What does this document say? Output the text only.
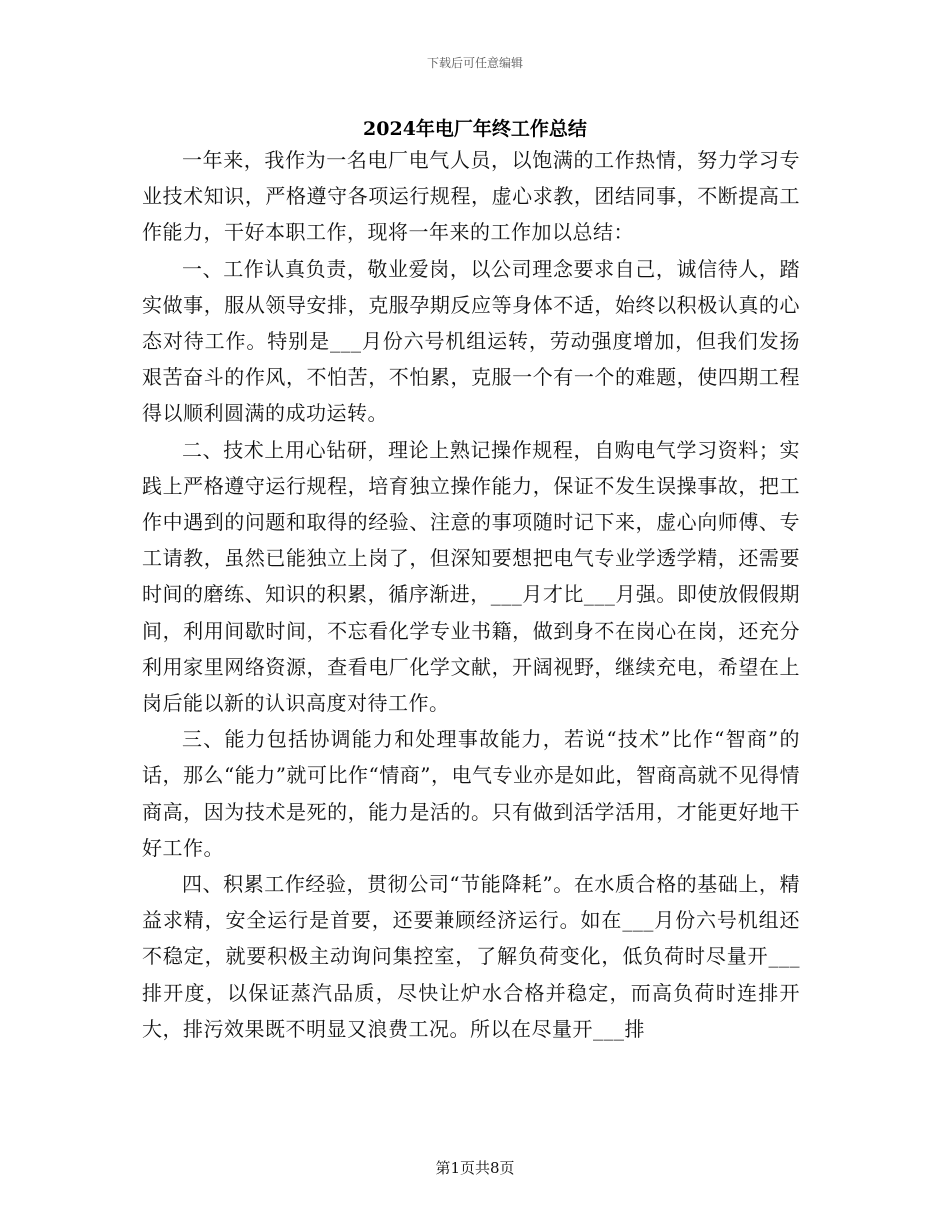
下载后可任意编辑
2024年电厂年终工作总结

一年来，我作为一名电厂电气人员，以饱满的工作热情，努力学习专业技术知识，严格遵守各项运行规程，虚心求教，团结同事，不断提高工作能力，干好本职工作，现将一年来的工作加以总结：

一、工作认真负责，敬业爱岗，以公司理念要求自己，诚信待人，踏实做事，服从领导安排，克服孕期反应等身体不适，始终以积极认真的心态对待工作。特别是___月份六号机组运转，劳动强度增加，但我们发扬艰苦奋斗的作风，不怕苦，不怕累，克服一个有一个的难题，使四期工程得以顺利圆满的成功运转。

二、技术上用心钻研，理论上熟记操作规程，自购电气学习资料；实践上严格遵守运行规程，培育独立操作能力，保证不发生误操事故，把工作中遇到的问题和取得的经验、注意的事项随时记下来，虚心向师傅、专工请教，虽然已能独立上岗了，但深知要想把电气专业学透学精，还需要时间的磨练、知识的积累，循序渐进，___月才比___月强。即使放假假期间，利用间歇时间，不忘看化学专业书籍，做到身不在岗心在岗，还充分利用家里网络资源，查看电厂化学文献，开阔视野，继续充电，希望在上岗后能以新的认识高度对待工作。

三、能力包括协调能力和处理事故能力，若说“技术”比作“智商”的话，那么“能力”就可比作“情商”，电气专业亦是如此，智商高就不见得情商高，因为技术是死的，能力是活的。只有做到活学活用，才能更好地干好工作。

四、积累工作经验，贯彻公司“节能降耗”。在水质合格的基础上，精益求精，安全运行是首要，还要兼顾经济运行。如在___月份六号机组还不稳定，就要积极主动询问集控室，了解负荷变化，低负荷时尽量开___排开度，以保证蒸汽品质，尽快让炉水合格并稳定，而高负荷时连排开大，排污效果既不明显又浪费工况。所以在尽量开___排

第1页共8页
